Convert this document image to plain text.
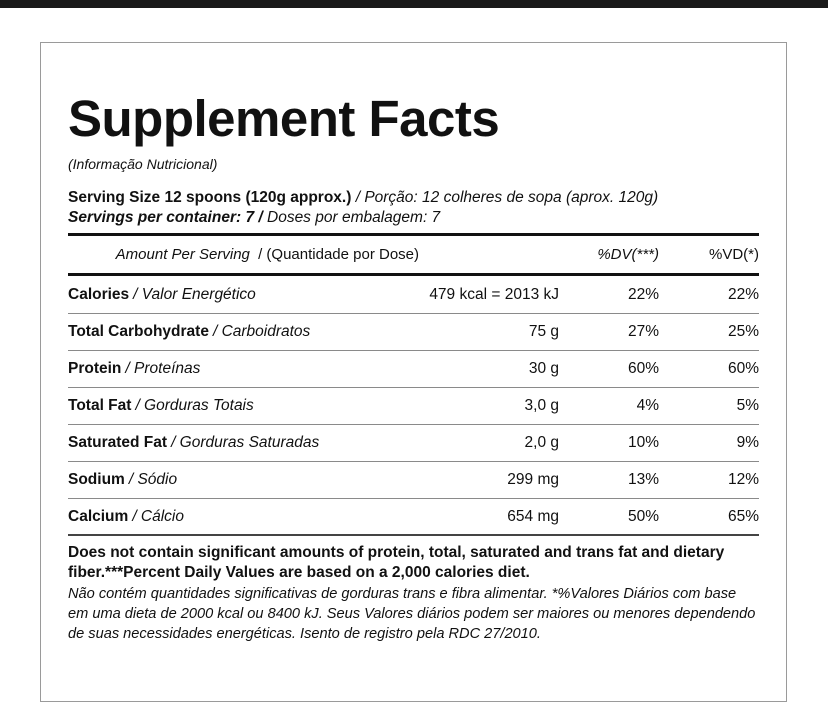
Supplement Facts
(Informação Nutricional)
Serving Size 12 spoons (120g approx.) / Porção: 12 colheres de sopa (aprox. 120g)
Servings per container: 7 / Doses por embalagem: 7
Amount Per Serving / (Quantidade por Dose)	%DV(***)	%VD(*)
Calories / Valor Energético	479 kcal = 2013 kJ	22%	22%
Total Carbohydrate / Carboidratos	75 g	27%	25%
Protein / Proteínas	30 g	60%	60%
Total Fat / Gorduras Totais	3,0 g	4%	5%
Saturated Fat / Gorduras Saturadas	2,0 g	10%	9%
Sodium / Sódio	299 mg	13%	12%
Calcium / Cálcio	654 mg	50%	65%
Does not contain significant amounts of protein, total, saturated and trans fat and dietary fiber.***Percent Daily Values are based on a 2,000 calories diet.
Não contém quantidades significativas de gorduras trans e fibra alimentar. *%Valores Diários com base em uma dieta de 2000 kcal ou 8400 kJ. Seus Valores diários podem ser maiores ou menores dependendo de suas necessidades energéticas. Isento de registro pela RDC 27/2010.
